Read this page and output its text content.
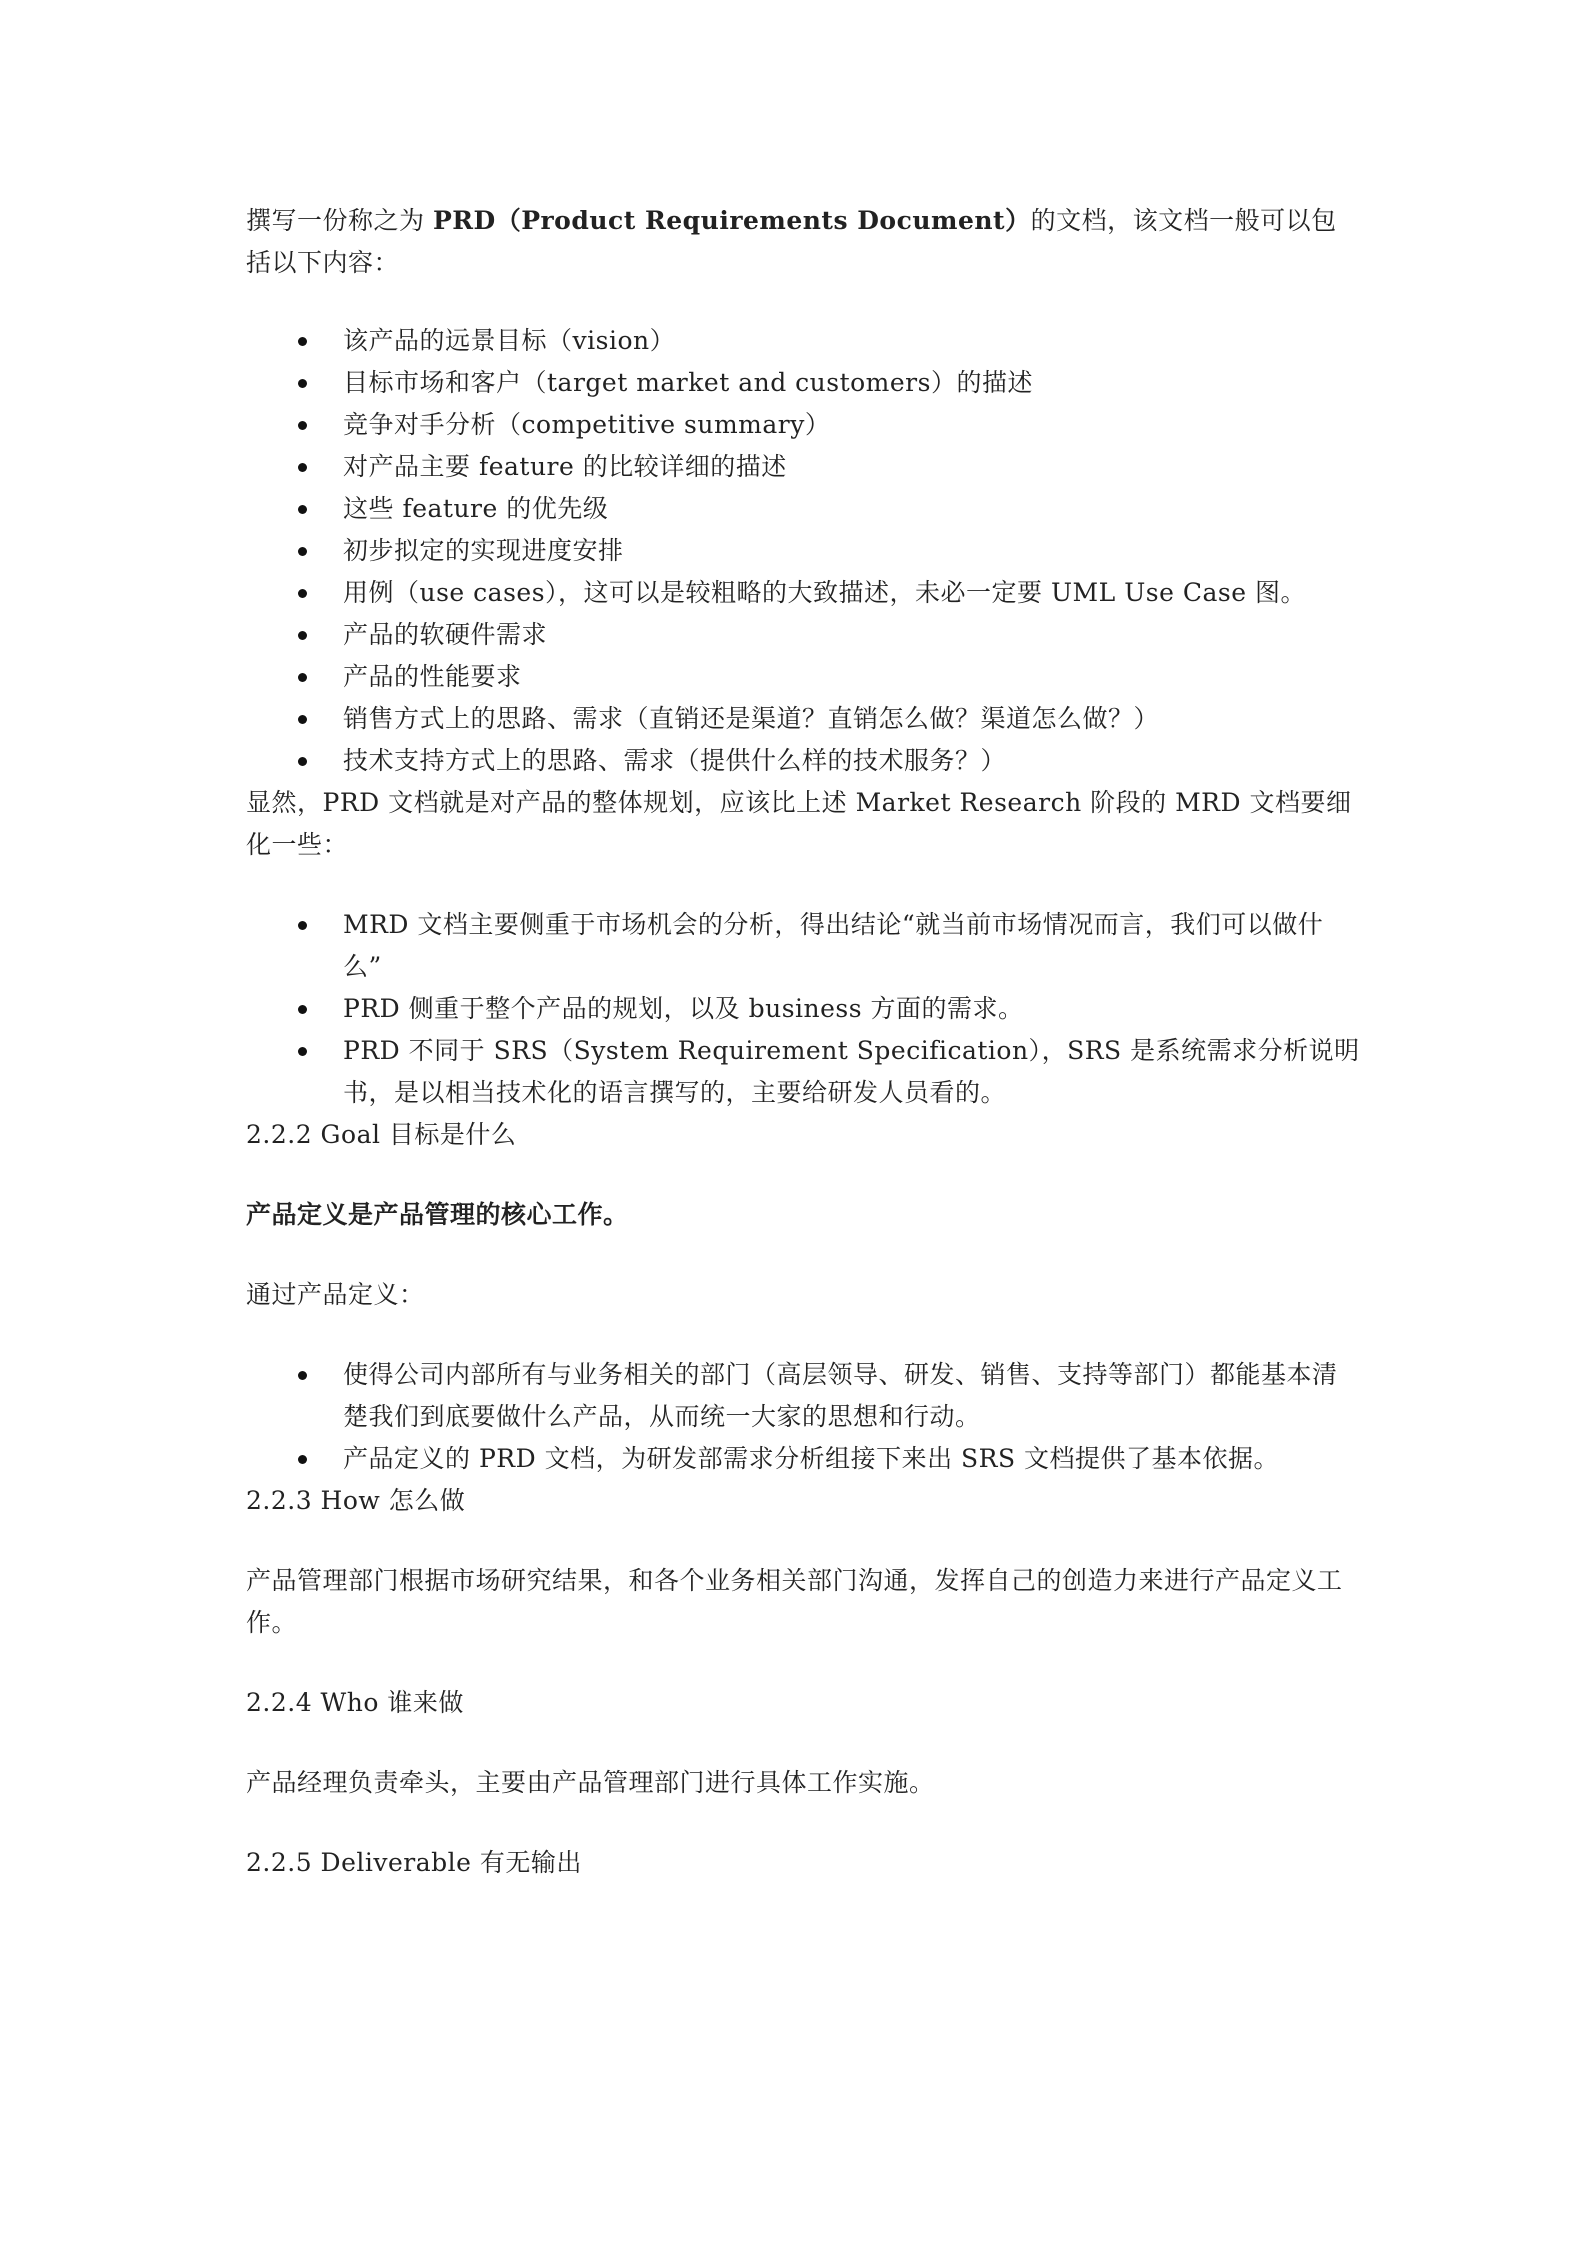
撰写一份称之为 PRD（Product Requirements Document）的文档，该文档一般可以包括以下内容：

该产品的远景目标（vision）
目标市场和客户（target market and customers）的描述
竞争对手分析（competitive summary）
对产品主要 feature 的比较详细的描述
这些 feature 的优先级
初步拟定的实现进度安排
用例（use cases），这可以是较粗略的大致描述，未必一定要 UML Use Case 图。
产品的软硬件需求
产品的性能要求
销售方式上的思路、需求（直销还是渠道？直销怎么做？渠道怎么做？）
技术支持方式上的思路、需求（提供什么样的技术服务？）

显然，PRD 文档就是对产品的整体规划，应该比上述 Market Research 阶段的 MRD 文档要细化一些：

MRD 文档主要侧重于市场机会的分析，得出结论“就当前市场情况而言，我们可以做什么”
PRD 侧重于整个产品的规划，以及 business 方面的需求。
PRD 不同于 SRS（System Requirement Specification），SRS 是系统需求分析说明书，是以相当技术化的语言撰写的，主要给研发人员看的。

2.2.2 Goal 目标是什么

产品定义是产品管理的核心工作。

通过产品定义：

使得公司内部所有与业务相关的部门（高层领导、研发、销售、支持等部门）都能基本清楚我们到底要做什么产品，从而统一大家的思想和行动。
产品定义的 PRD 文档，为研发部需求分析组接下来出 SRS 文档提供了基本依据。

2.2.3 How 怎么做

产品管理部门根据市场研究结果，和各个业务相关部门沟通，发挥自己的创造力来进行产品定义工作。

2.2.4 Who 谁来做

产品经理负责牵头，主要由产品管理部门进行具体工作实施。

2.2.5 Deliverable 有无输出
